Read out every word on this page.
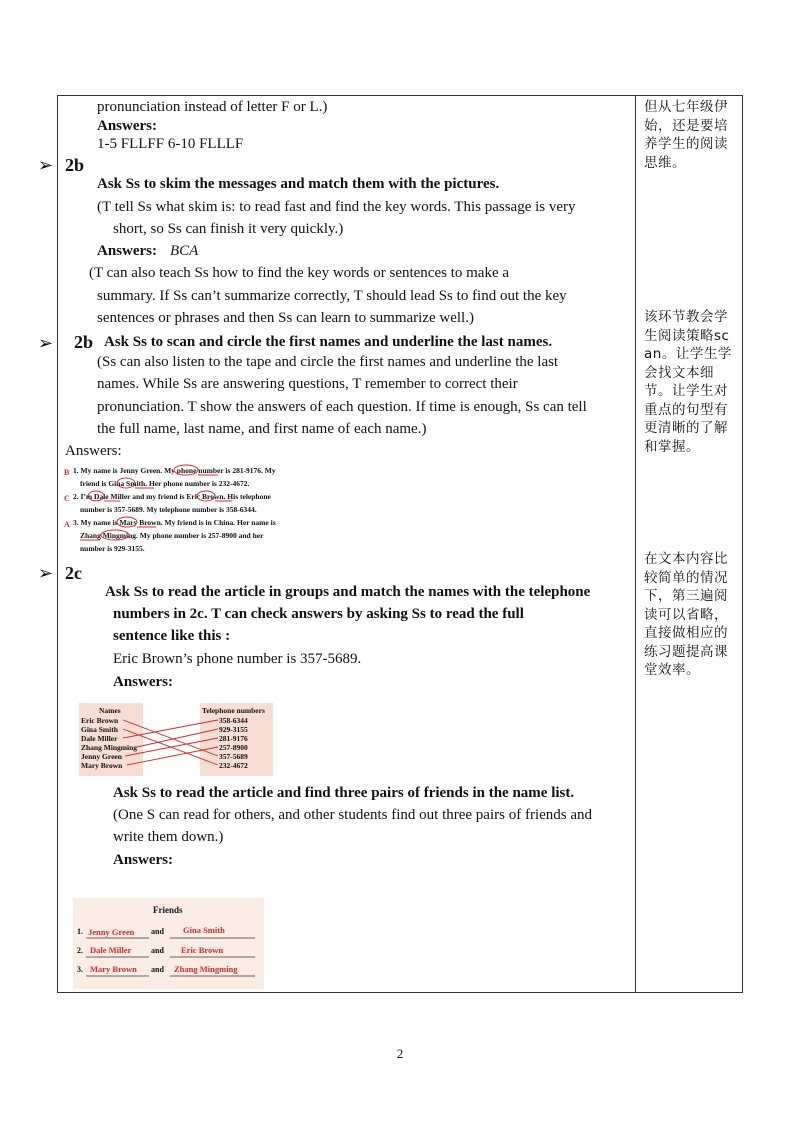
pronunciation instead of letter F or L.)
Answers:
1-5 FLLFF 6-10 FLLLF
➢ 2b
Ask Ss to skim the messages and match them with the pictures.
(T tell Ss what skim is: to read fast and find the key words. This passage is very
short, so Ss can finish it very quickly.)
Answers: BCA
(T can also teach Ss how to find the key words or sentences to make a
summary. If Ss can’t summarize correctly, T should lead Ss to find out the key
sentences or phrases and then Ss can learn to summarize well.)
➢ 2b Ask Ss to scan and circle the first names and underline the last names.
(Ss can also listen to the tape and circle the first names and underline the last
names. While Ss are answering questions, T remember to correct their
pronunciation. T show the answers of each question. If time is enough, Ss can tell
the full name, last name, and first name of each name.)
Answers:
B 1. My name is Jenny Green. My phone number is 281-9176. My
friend is Gina Smith. Her phone number is 232-4672.
C 2. I’m Dale Miller and my friend is Eric Brown. His telephone
number is 357-5689. My telephone number is 358-6344.
A 3. My name is Mary Brown. My friend is in China. Her name is
Zhang Mingming. My phone number is 257-8900 and her
number is 929-3155.
➢ 2c
Ask Ss to read the article in groups and match the names with the telephone
numbers in 2c. T can check answers by asking Ss to read the full
sentence like this :
Eric Brown’s phone number is 357-5689.
Answers:
Names	Telephone numbers
Eric Brown
Gina Smith
Dale Miller
Zhang Mingming
Jenny Green
Mary Brown
358-6344
929-3155
281-9176
257-8900
357-5689
232-4672
Ask Ss to read the article and find three pairs of friends in the name list.
(One S can read for others, and other students find out three pairs of friends and
write them down.)
Answers:
Friends
1. Jenny Green and Gina Smith
2. Dale Miller and Eric Brown
3. Mary Brown and Zhang Mingming
但从七年级伊始，还是要培养学生的阅读思维。
该环节教会学生阅读策略scan。让学生学会找文本细节。让学生对重点的句型有更清晰的了解和掌握。
在文本内容比较简单的情况下，第三遍阅读可以省略，直接做相应的练习题提高课堂效率。
2
